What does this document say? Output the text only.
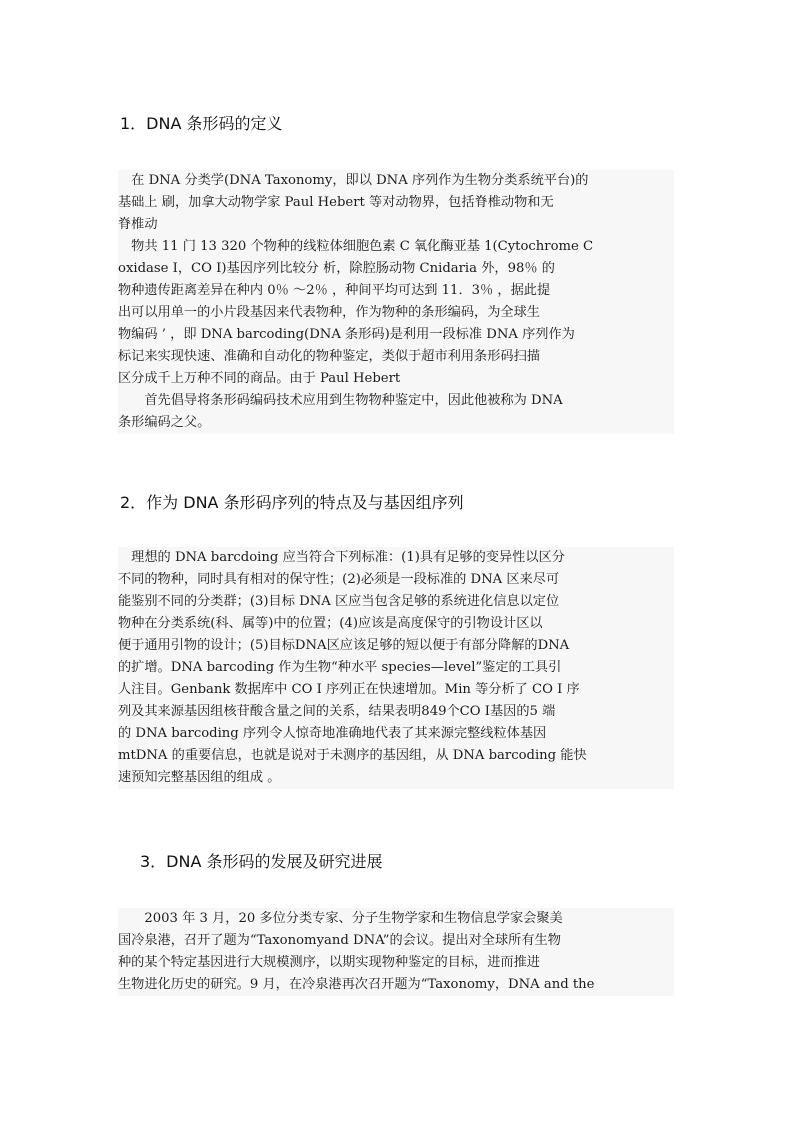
1．DNA 条形码的定义
　在 DNA 分类学(DNA Taxonomy，即以 DNA 序列作为生物分类系统平台)的
基础上 刷，加拿大动物学家 Paul Hebert 等对动物界，包括脊椎动物和无
脊椎动
　物共 11 门 13 320 个物种的线粒体细胞色素 C 氧化酶亚基 1(Cytochrome C
oxidase I，CO I)基因序列比较分 析，除腔肠动物 Cnidaria 外，98％ 的
物种遗传距离差异在种内 0％ ～2％ ，种间平均可达到 11．3％ ，据此提
出可以用单一的小片段基因来代表物种，作为物种的条形编码，为全球生
物编码 ’ ，即 DNA barcoding(DNA 条形码)是利用一段标准 DNA 序列作为
标记来实现快速、准确和自动化的物种鉴定，类似于超市利用条形码扫描
区分成千上万种不同的商品。由于 Paul Hebert
　　首先倡导将条形码编码技术应用到生物物种鉴定中，因此他被称为 DNA
条形编码之父。
2．作为 DNA 条形码序列的特点及与基因组序列
　理想的 DNA barcdoing 应当符合下列标准：(1)具有足够的变异性以区分
不同的物种，同时具有相对的保守性；(2)必须是一段标准的 DNA 区来尽可
能鉴别不同的分类群；(3)目标 DNA 区应当包含足够的系统进化信息以定位
物种在分类系统(科、属等)中的位置；(4)应该是高度保守的引物设计区以
便于通用引物的设计；(5)目标DNA区应该足够的短以便于有部分降解的DNA
的扩增。DNA barcoding 作为生物“种水平 species—level”鉴定的工具引
人注目。Genbank 数据库中 CO I 序列正在快速增加。Min 等分析了 CO I 序
列及其来源基因组核苷酸含量之间的关系，结果表明849个CO I基因的5 端
的 DNA barcoding 序列令人惊奇地准确地代表了其来源完整线粒体基因
mtDNA 的重要信息，也就是说对于未测序的基因组，从 DNA barcoding 能快
速预知完整基因组的组成 。
3．DNA 条形码的发展及研究进展
　　2003 年 3 月，20 多位分类专家、分子生物学家和生物信息学家会聚美
国冷泉港，召开了题为“Taxonomyand DNA”的会议。提出对全球所有生物
种的某个特定基因进行大规模测序，以期实现物种鉴定的目标，进而推进
生物进化历史的研究。9 月，在冷泉港再次召开题为“Taxonomy，DNA and the
